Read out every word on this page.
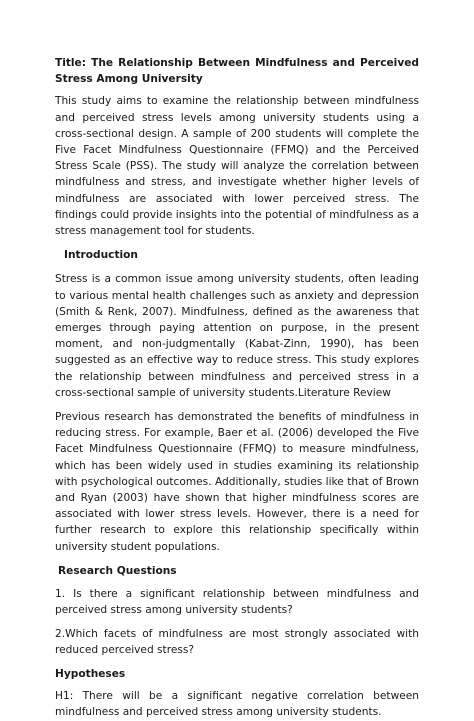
Title: The Relationship Between Mindfulness and Perceived Stress Among University

This study aims to examine the relationship between mindfulness and perceived stress levels among university students using a cross-sectional design. A sample of 200 students will complete the Five Facet Mindfulness Questionnaire (FFMQ) and the Perceived Stress Scale (PSS). The study will analyze the correlation between mindfulness and stress, and investigate whether higher levels of mindfulness are associated with lower perceived stress. The findings could provide insights into the potential of mindfulness as a stress management tool for students.

Introduction

Stress is a common issue among university students, often leading to various mental health challenges such as anxiety and depression (Smith & Renk, 2007). Mindfulness, defined as the awareness that emerges through paying attention on purpose, in the present moment, and non-judgmentally (Kabat-Zinn, 1990), has been suggested as an effective way to reduce stress. This study explores the relationship between mindfulness and perceived stress in a cross-sectional sample of university students.Literature Review

Previous research has demonstrated the benefits of mindfulness in reducing stress. For example, Baer et al. (2006) developed the Five Facet Mindfulness Questionnaire (FFMQ) to measure mindfulness, which has been widely used in studies examining its relationship with psychological outcomes. Additionally, studies like that of Brown and Ryan (2003) have shown that higher mindfulness scores are associated with lower stress levels. However, there is a need for further research to explore this relationship specifically within university student populations.

Research Questions

1. Is there a significant relationship between mindfulness and perceived stress among university students?

2.Which facets of mindfulness are most strongly associated with reduced perceived stress?

Hypotheses

H1: There will be a significant negative correlation between mindfulness and perceived stress among university students.
